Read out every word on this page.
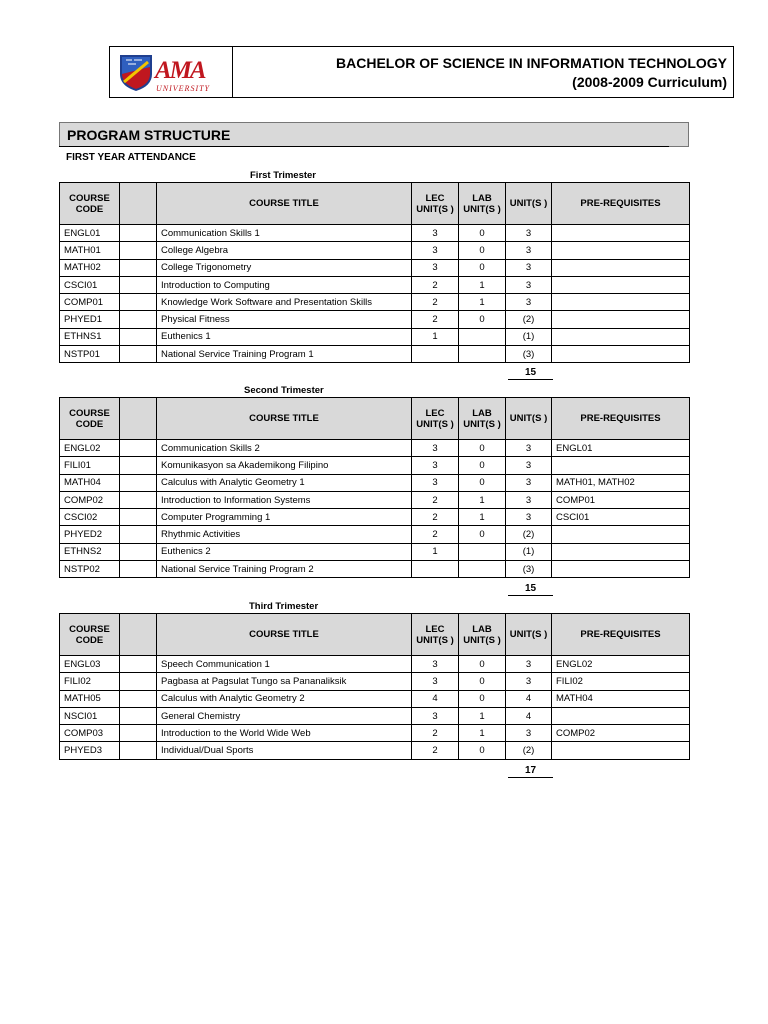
AMA
UNIVERSITY
BACHELOR OF SCIENCE IN INFORMATION TECHNOLOGY
(2008-2009 Curriculum)
PROGRAM STRUCTURE
FIRST YEAR ATTENDANCE
First Trimester
COURSE CODE		COURSE TITLE	LEC UNIT(S )	LAB UNIT(S )	UNIT(S )	PRE-REQUISITES
ENGL01		Communication Skills 1	3	0	3	
MATH01		College Algebra	3	0	3	
MATH02		College Trigonometry	3	0	3	
CSCI01		Introduction to Computing	2	1	3	
COMP01		Knowledge Work Software and Presentation Skills	2	1	3	
PHYED1		Physical Fitness	2	0	(2)	
ETHNS1		Euthenics 1	1		(1)	
NSTP01		National Service Training Program 1			(3)	
15
Second Trimester
COURSE CODE		COURSE TITLE	LEC UNIT(S )	LAB UNIT(S )	UNIT(S )	PRE-REQUISITES
ENGL02		Communication Skills 2	3	0	3	ENGL01
FILI01		Komunikasyon sa Akademikong Filipino	3	0	3	
MATH04		Calculus with Analytic Geometry 1	3	0	3	MATH01, MATH02
COMP02		Introduction to Information Systems	2	1	3	COMP01
CSCI02		Computer Programming 1	2	1	3	CSCI01
PHYED2		Rhythmic Activities	2	0	(2)	
ETHNS2		Euthenics 2	1		(1)	
NSTP02		National Service Training Program 2			(3)	
15
Third Trimester
COURSE CODE		COURSE TITLE	LEC UNIT(S )	LAB UNIT(S )	UNIT(S )	PRE-REQUISITES
ENGL03		Speech Communication 1	3	0	3	ENGL02
FILI02		Pagbasa at Pagsulat Tungo sa Pananaliksik	3	0	3	FILI02
MATH05		Calculus with Analytic Geometry 2	4	0	4	MATH04
NSCI01		General Chemistry	3	1	4	
COMP03		Introduction to the World Wide Web	2	1	3	COMP02
PHYED3		Individual/Dual Sports	2	0	(2)	
17
